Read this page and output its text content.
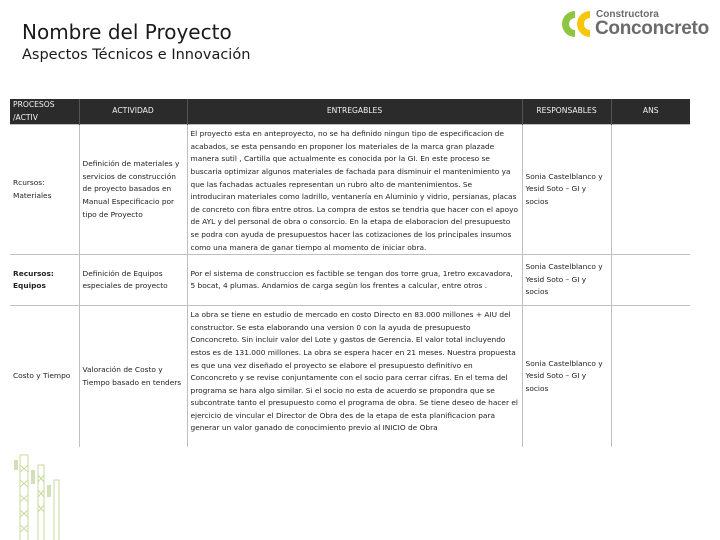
Nombre del Proyecto
Aspectos Técnicos e Innovación
Constructora
Conconcreto
PROCESOS /ACTIV	ACTIVIDAD	ENTREGABLES	RESPONSABLES	ANS
Rcursos: Materiales	Definición de materiales y servicios de construcción de proyecto basados en Manual Especificacio por tipo de Proyecto	El proyecto esta en anteproyecto, no se ha definido ningun tipo de especificacion de acabados, se esta pensando en proponer los materiales de la marca gran plazade manera sutil , Cartilla que actualmente es conocida por la GI. En este proceso se buscaria optimizar algunos materiales de fachada para disminuir el mantenimiento ya que las fachadas actuales representan un rubro alto de mantenimientos. Se introduciran materiales como ladrillo, ventanería en Aluminio y vidrio, persianas, placas de concreto con fibra entre otros. La compra de estos se tendria que hacer con el apoyo de AYL y del personal de obra o consorcio. En la etapa de elaboracion del presupuesto se podra con ayuda de presupuestos hacer las cotizaciones de los principales insumos como una manera de ganar tiempo al momento de iniciar obra.	Sonia Castelblanco y Yesid Soto – GI y socios	
Recursos: Equipos	Definición de Equipos especiales de proyecto	Por el sistema de construccion es factible se tengan dos torre grua, 1retro excavadora, 5 bocat, 4 plumas. Andamios de carga segùn los frentes a calcular, entre otros .	Sonia Castelblanco y Yesid Soto – GI y socios	
Costo y Tiempo	Valoración de Costo y Tiempo basado en tenders	La obra se tiene en estudio de mercado en costo Directo en 83.000 millones + AIU del constructor. Se esta elaborando una version 0 con la ayuda de presupuesto Conconcreto. Sin incluir valor del Lote y gastos de Gerencia. El valor total incluyendo estos es de 131.000 millones. La obra se espera hacer en 21 meses. Nuestra propuesta es que una vez diseñado el proyecto se elabore el presupuesto definitivo en Conconcreto y se revise conjuntamente con el socio para cerrar cifras. En el tema del programa se hara algo similar. Si el socio no esta de acuerdo se propondra que se subcontrate tanto el presupuesto como el programa de obra. Se tiene deseo de hacer el ejercicio de vincular el Director de Obra des de la etapa de esta planificacion para generar un valor ganado de conocimiento previo al INICIO de Obra	Sonia Castelblanco y Yesid Soto – GI y socios	
